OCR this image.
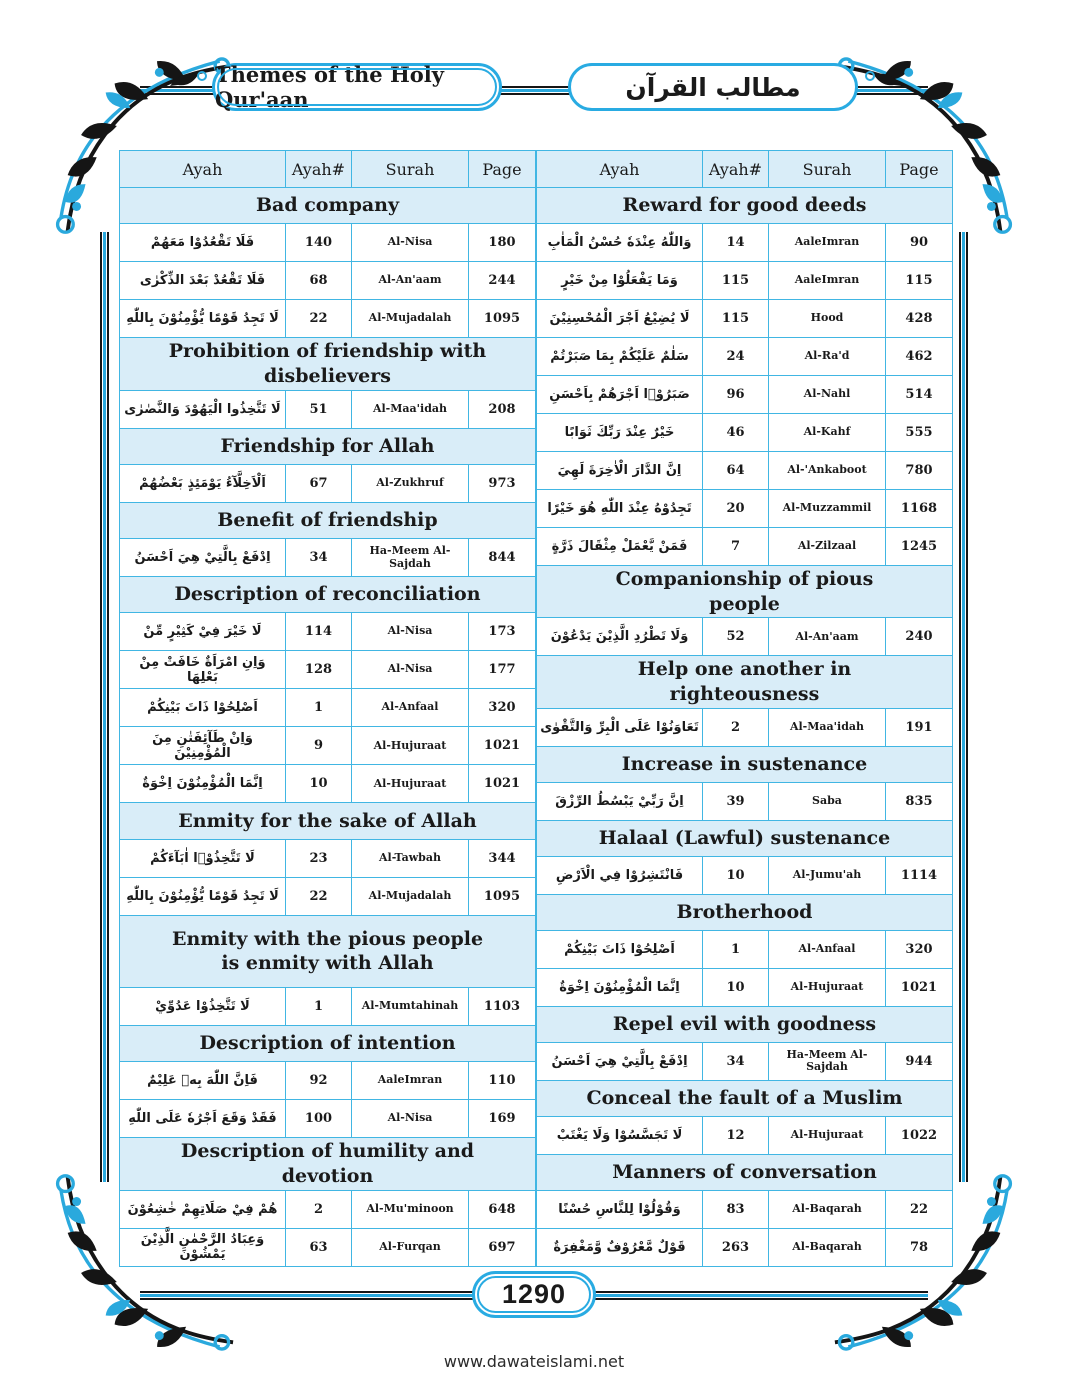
Themes of the Holy Qur'aan	مطالب القرآن
Ayah	Ayah#	Surah	Page
Bad company			
فَلَا تَقْعُدُوْا مَعَهُمْ	140	Al-Nisa	180
فَلَا تَقْعُدْ بَعْدَ الذِّكْرٰى	68	Al-An'aam	244
لَا تَجِدُ قَوْمًا يُّؤْمِنُوْنَ بِاللّٰهِ	22	Al-Mujadalah	1095
Prohibition of friendship with disbelievers			
لَا تَتَّخِذُوا الْيَهُوْدَ وَالنَّصٰرٰى	51	Al-Maa'idah	208
Friendship for Allah			
اَلْاَخِلَّآءُ يَوْمَئِذٍ بَعْضُهُمْ	67	Al-Zukhruf	973
Benefit of friendship			
اِدْفَعْ بِالَّتِيْ هِيَ اَحْسَنُ	34	Ha-Meem Al-Sajdah	844
Description of reconciliation			
لَا خَيْرَ فِيْ كَثِيْرٍ مِّنْ	114	Al-Nisa	173
وَاِنِ امْرَاَةٌ خَافَتْ مِنْ بَعْلِهَا	128	Al-Nisa	177
اَصْلِحُوْا ذَاتَ بَيْنِكُمْ	1	Al-Anfaal	320
وَاِنْ طَآئِفَتٰنِ مِنَ الْمُؤْمِنِيْنَ	9	Al-Hujuraat	1021
اِنَّمَا الْمُؤْمِنُوْنَ اِخْوَةٌ	10	Al-Hujuraat	1021
Enmity for the sake of Allah			
لَا تَتَّخِذُوْۤا اٰبَآءَكُمْ	23	Al-Tawbah	344
لَا تَجِدُ قَوْمًا يُّؤْمِنُوْنَ بِاللّٰهِ	22	Al-Mujadalah	1095
Enmity with the pious people is enmity with Allah			
لَا تَتَّخِذُوْا عَدُوِّيْ	1	Al-Mumtahinah	1103
Description of intention			
فَاِنَّ اللّٰهَ بِهٖ عَلِيْمٌ	92	AaleImran	110
فَقَدْ وَقَعَ اَجْرُهٗ عَلَى اللّٰهِ	100	Al-Nisa	169
Description of humility and devotion			
هُمْ فِيْ صَلَاتِهِمْ خٰشِعُوْنَ	2	Al-Mu'minoon	648
وَعِبَادُ الرَّحْمٰنِ الَّذِيْنَ يَمْشُوْنَ	63	Al-Furqan	697
Ayah	Ayah#	Surah	Page
Reward for good deeds			
وَاللّٰهُ عِنْدَهٗ حُسْنُ الْمَاٰبِ	14	AaleImran	90
وَمَا يَفْعَلُوْا مِنْ خَيْرٍ	115	AaleImran	115
لَا يُضِيْعُ اَجْرَ الْمُحْسِنِيْنَ	115	Hood	428
سَلٰمٌ عَلَيْكُمْ بِمَا صَبَرْتُمْ	24	Al-Ra'd	462
صَبَرُوْۤا اَجْرَهُمْ بِاَحْسَنِ	96	Al-Nahl	514
خَيْرٌ عِنْدَ رَبِّكَ ثَوَابًا	46	Al-Kahf	555
اِنَّ الدَّارَ الْاٰخِرَةَ لَهِيَ	64	Al-'Ankaboot	780
تَجِدُوْهُ عِنْدَ اللّٰهِ هُوَ خَيْرًا	20	Al-Muzzammil	1168
فَمَنْ يَّعْمَلْ مِثْقَالَ ذَرَّةٍ	7	Al-Zilzaal	1245
Companionship of pious people			
وَلَا تَطْرُدِ الَّذِيْنَ يَدْعُوْنَ	52	Al-An'aam	240
Help one another in righteousness			
تَعَاوَنُوْا عَلَى الْبِرِّ وَالتَّقْوٰى	2	Al-Maa'idah	191
Increase in sustenance			
اِنَّ رَبِّيْ يَبْسُطُ الرِّزْقَ	39	Saba	835
Halaal (Lawful) sustenance			
فَانْتَشِرُوْا فِي الْاَرْضِ	10	Al-Jumu'ah	1114
Brotherhood			
اَصْلِحُوْا ذَاتَ بَيْنِكُمْ	1	Al-Anfaal	320
اِنَّمَا الْمُؤْمِنُوْنَ اِخْوَةٌ	10	Al-Hujuraat	1021
Repel evil with goodness			
اِدْفَعْ بِالَّتِيْ هِيَ اَحْسَنُ	34	Ha-Meem Al-Sajdah	944
Conceal the fault of a Muslim			
لَا تَجَسَّسُوْا وَلَا يَغْتَبْ	12	Al-Hujuraat	1022
Manners of conversation			
وَقُوْلُوْا لِلنَّاسِ حُسْنًا	83	Al-Baqarah	22
قَوْلٌ مَّعْرُوْفٌ وَّمَغْفِرَةٌ	263	Al-Baqarah	78
1290
www.dawateislami.net
